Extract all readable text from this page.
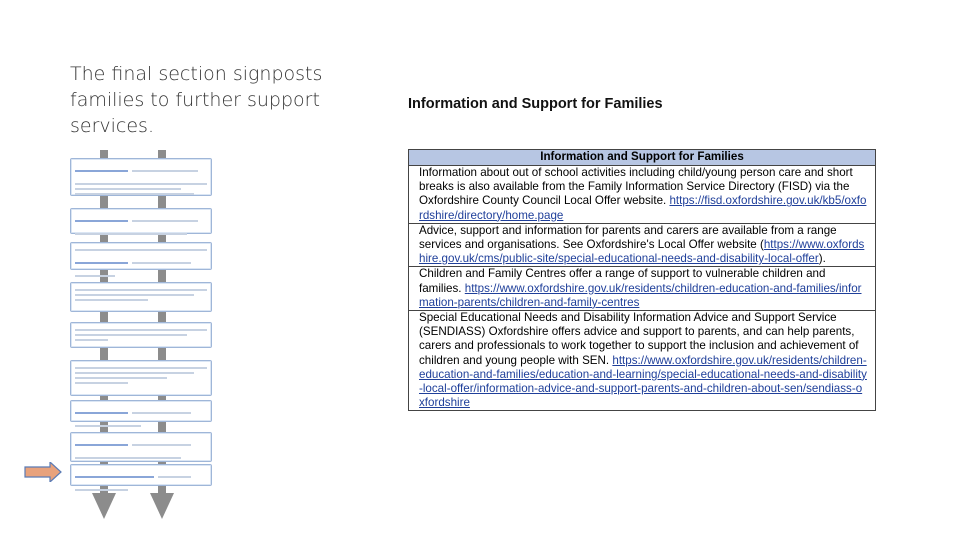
The final section signposts
families to further support
services.
Information and Support for Families
Information and Support for Families
Information about out of school activities including child/young person care and short breaks is also available from the Family Information Service Directory (FISD) via the Oxfordshire County Council Local Offer website. https://fisd.oxfordshire.gov.uk/kb5/oxfordshire/directory/home.page
Advice, support and information for parents and carers are available from a range services and organisations. See Oxfordshire's Local Offer website (https://www.oxfordshire.gov.uk/cms/public-site/special-educational-needs-and-disability-local-offer).
Children and Family Centres offer a range of support to vulnerable children and families. https://www.oxfordshire.gov.uk/residents/children-education-and-families/information-parents/children-and-family-centres
Special Educational Needs and Disability Information Advice and Support Service (SENDIASS) Oxfordshire offers advice and support to parents, and can help parents, carers and professionals to work together to support the inclusion and achievement of children and young people with SEN. https://www.oxfordshire.gov.uk/residents/children-education-and-families/education-and-learning/special-educational-needs-and-disability-local-offer/information-advice-and-support-parents-and-children-about-sen/sendiass-oxfordshire
